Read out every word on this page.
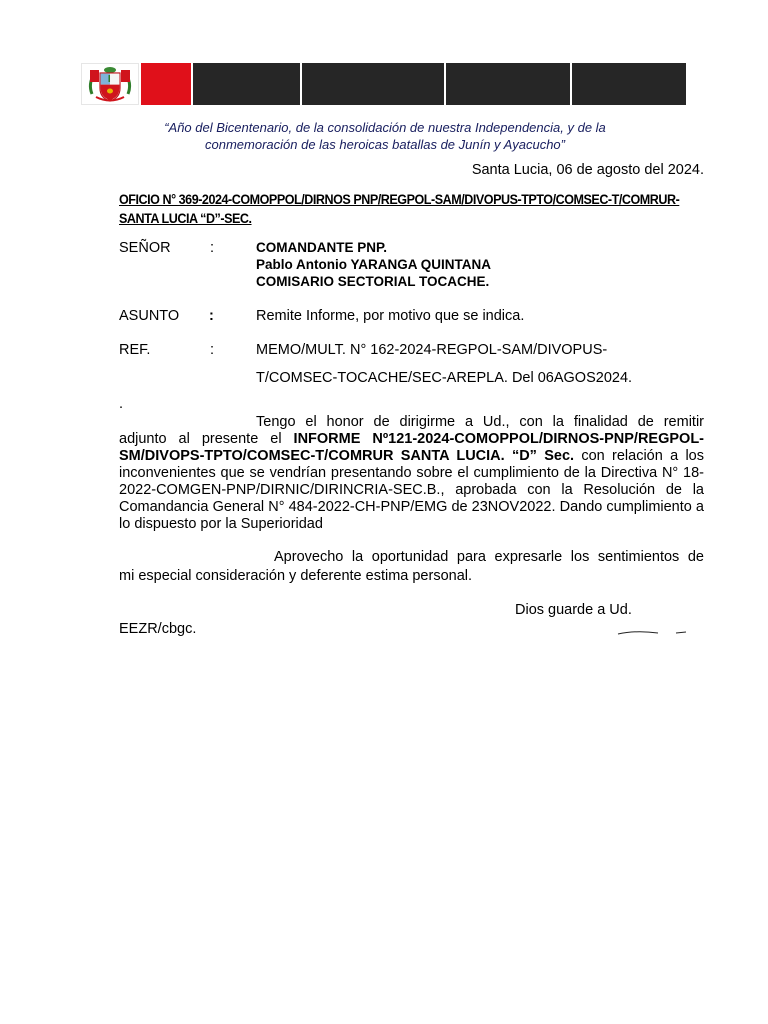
“Año del Bicentenario, de la consolidación de nuestra Independencia, y de la
conmemoración de las heroicas batallas de Junín y Ayacucho”
Santa Lucia, 06 de agosto del 2024.
OFICIO N° 369-2024-COMOPPOL/DIRNOS PNP/REGPOL-SAM/DIVOPUS-TPTO/COMSEC-T/COMRUR-
SANTA LUCIA “D”-SEC.
SEÑOR	:	COMANDANTE PNP.
Pablo Antonio YARANGA QUINTANA
COMISARIO SECTORIAL TOCACHE.
ASUNTO :	Remite Informe, por motivo que se indica.
REF.	:	MEMO/MULT. N° 162-2024-REGPOL-SAM/DIVOPUS-
T/COMSEC-TOCACHE/SEC-AREPLA. Del 06AGOS2024.
.
Tengo el honor de dirigirme a Ud., con la finalidad de remitir
adjunto al presente el INFORME Nº121-2024-COMOPPOL/DIRNOS-PNP/REGPOL-SM/DIVOPS-TPTO/COMSEC-T/COMRUR SANTA LUCIA. “D” Sec. con relación a los inconvenientes que se vendrían presentando sobre el cumplimiento de la Directiva N° 18-2022-COMGEN-PNP/DIRNIC/DIRINCRIA-SEC.B., aprobada con la Resolución de la Comandancia General N° 484-2022-CH-PNP/EMG de 23NOV2022. Dando cumplimiento a lo dispuesto por la Superioridad
Aprovecho la oportunidad para expresarle los sentimientos de
mi especial consideración y deferente estima personal.
Dios guarde a Ud.
EEZR/cbgc.
